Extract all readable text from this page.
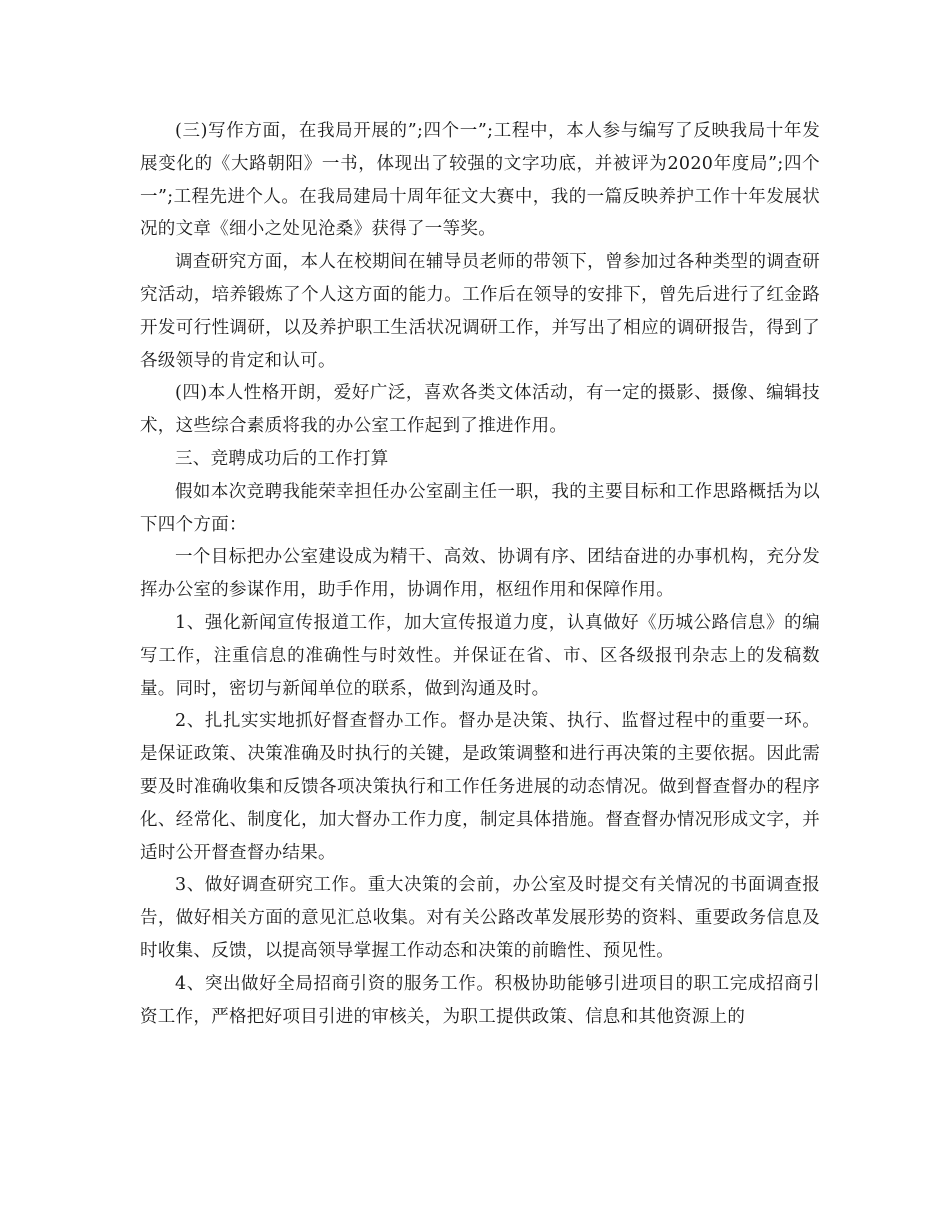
(三)写作方面，在我局开展的”;四个一”;工程中，本人参与编写了反映我局十年发展变化的《大路朝阳》一书，体现出了较强的文字功底，并被评为2020年度局”;四个一”;工程先进个人。在我局建局十周年征文大赛中，我的一篇反映养护工作十年发展状况的文章《细小之处见沧桑》获得了一等奖。

调查研究方面，本人在校期间在辅导员老师的带领下，曾参加过各种类型的调查研究活动，培养锻炼了个人这方面的能力。工作后在领导的安排下，曾先后进行了红金路开发可行性调研，以及养护职工生活状况调研工作，并写出了相应的调研报告，得到了各级领导的肯定和认可。

(四)本人性格开朗，爱好广泛，喜欢各类文体活动，有一定的摄影、摄像、编辑技术，这些综合素质将我的办公室工作起到了推进作用。

三、竞聘成功后的工作打算

假如本次竞聘我能荣幸担任办公室副主任一职，我的主要目标和工作思路概括为以下四个方面：

一个目标把办公室建设成为精干、高效、协调有序、团结奋进的办事机构，充分发挥办公室的参谋作用，助手作用，协调作用，枢纽作用和保障作用。

1、强化新闻宣传报道工作，加大宣传报道力度，认真做好《历城公路信息》的编写工作，注重信息的准确性与时效性。并保证在省、市、区各级报刊杂志上的发稿数量。同时，密切与新闻单位的联系，做到沟通及时。

2、扎扎实实地抓好督查督办工作。督办是决策、执行、监督过程中的重要一环。是保证政策、决策准确及时执行的关键，是政策调整和进行再决策的主要依据。因此需要及时准确收集和反馈各项决策执行和工作任务进展的动态情况。做到督查督办的程序化、经常化、制度化，加大督办工作力度，制定具体措施。督查督办情况形成文字，并适时公开督查督办结果。

3、做好调查研究工作。重大决策的会前，办公室及时提交有关情况的书面调查报告，做好相关方面的意见汇总收集。对有关公路改革发展形势的资料、重要政务信息及时收集、反馈，以提高领导掌握工作动态和决策的前瞻性、预见性。

4、突出做好全局招商引资的服务工作。积极协助能够引进项目的职工完成招商引资工作，严格把好项目引进的审核关，为职工提供政策、信息和其他资源上的
